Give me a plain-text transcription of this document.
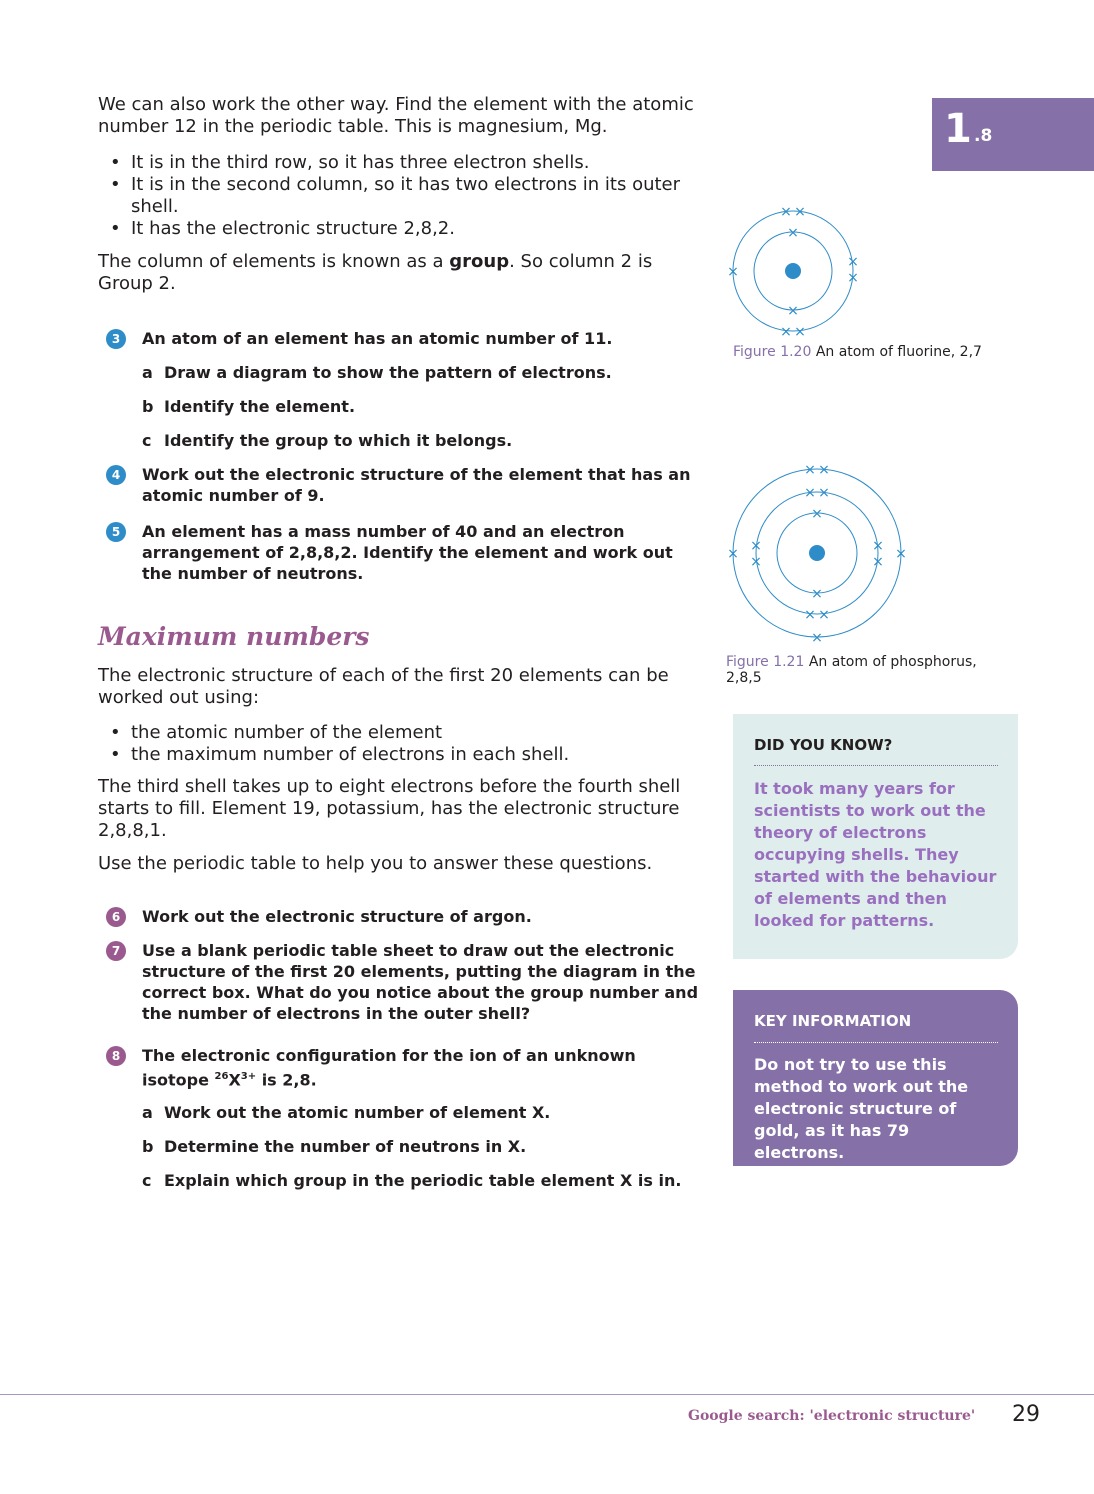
1 .8
We can also work the other way. Find the element with the atomic number 12 in the periodic table. This is magnesium, Mg.
• It is in the third row, so it has three electron shells.
• It is in the second column, so it has two electrons in its outer shell.
• It has the electronic structure 2,8,2.
The column of elements is known as a group. So column 2 is Group 2.
3	An atom of an element has an atomic number of 11.
a Draw a diagram to show the pattern of electrons.
b Identify the element.
c Identify the group to which it belongs.
4	Work out the electronic structure of the element that has an atomic number of 9.
5	An element has a mass number of 40 and an electron arrangement of 2,8,8,2. Identify the element and work out the number of neutrons.
Maximum numbers
The electronic structure of each of the first 20 elements can be worked out using:
• the atomic number of the element
• the maximum number of electrons in each shell.
The third shell takes up to eight electrons before the fourth shell starts to fill. Element 19, potassium, has the electronic structure 2,8,8,1.
Use the periodic table to help you to answer these questions.
6	Work out the electronic structure of argon.
7	Use a blank periodic table sheet to draw out the electronic structure of the first 20 elements, putting the diagram in the correct box. What do you notice about the group number and the number of electrons in the outer shell?
8	The electronic configuration for the ion of an unknown isotope $^{26}X^{3+}$ is 2,8.
a Work out the atomic number of element X.
b Determine the number of neutrons in X.
c Explain which group in the periodic table element X is in.
×
×
× ×
× ×
×
×
×
Figure 1.20 An atom of fluorine, 2,7
×
×
× ×
× ×
×
×
×
×
× ×
×
×	×
Figure 1.21 An atom of phosphorus, 2,8,5
DID YOU KNOW?
It took many years for scientists to work out the theory of electrons occupying shells. They started with the behaviour of elements and then looked for patterns.
KEY INFORMATION
Do not try to use this method to work out the electronic structure of gold, as it has 79 electrons.
Google search: 'electronic structure' 29
